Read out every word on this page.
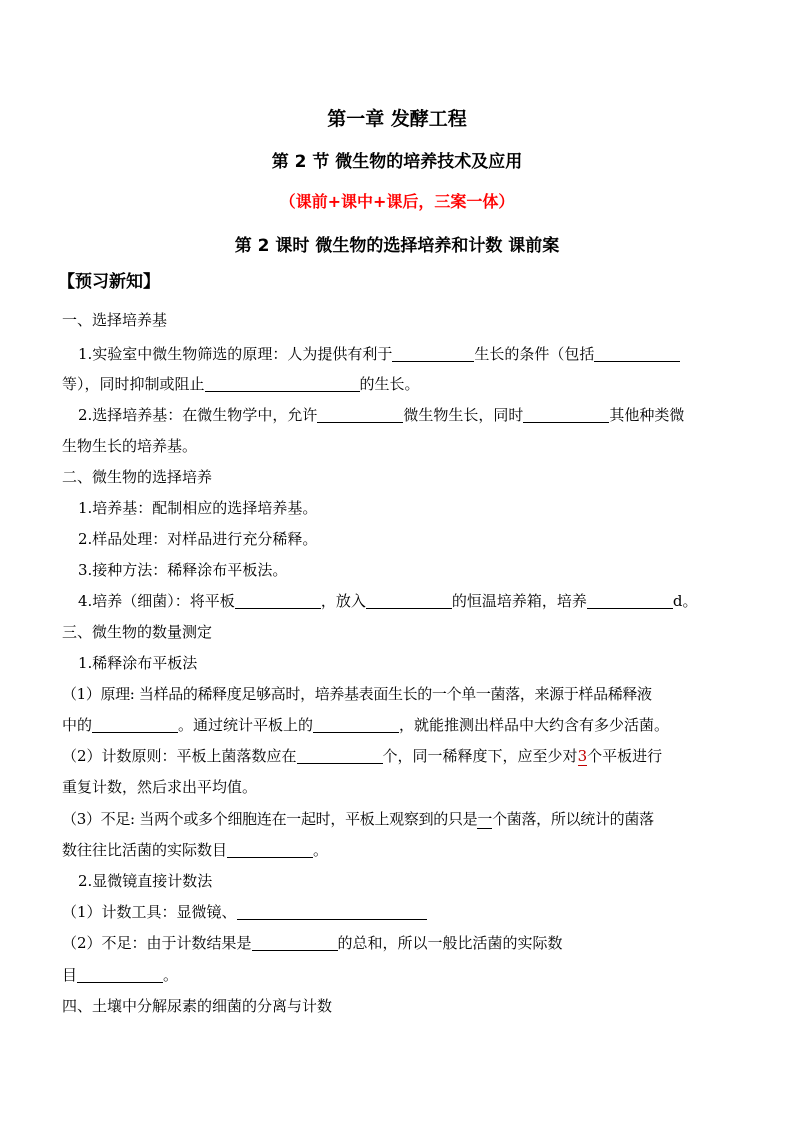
第一章 发酵工程
第 2 节 微生物的培养技术及应用
（课前+课中+课后，三案一体）
第 2 课时 微生物的选择培养和计数 课前案
【预习新知】
一、选择培养基
1.实验室中微生物筛选的原理：人为提供有利于	生长的条件（包括
等），同时抑制或阻止	的生长。
2.选择培养基：在微生物学中，允许	微生物生长，同时	其他种类微
生物生长的培养基。
二、微生物的选择培养
1.培养基：配制相应的选择培养基。
2.样品处理：对样品进行充分稀释。
3.接种方法：稀释涂布平板法。
4.培养（细菌）：将平板	，放入	的恒温培养箱，培养	d。
三、微生物的数量测定
1.稀释涂布平板法
（1）原理: 当样品的稀释度足够高时，培养基表面生长的一个单一菌落，来源于样品稀释液
中的	。通过统计平板上的	，就能推测出样品中大约含有多少活菌。
（2）计数原则：平板上菌落数应在	个，同一稀释度下，应至少对3个平板进行
重复计数，然后求出平均值。
（3）不足: 当两个或多个细胞连在一起时，平板上观察到的只是一个菌落，所以统计的菌落
数往往比活菌的实际数目	。
2.显微镜直接计数法
（1）计数工具：显微镜、
（2）不足：由于计数结果是	的总和，所以一般比活菌的实际数
目	。
四、土壤中分解尿素的细菌的分离与计数
